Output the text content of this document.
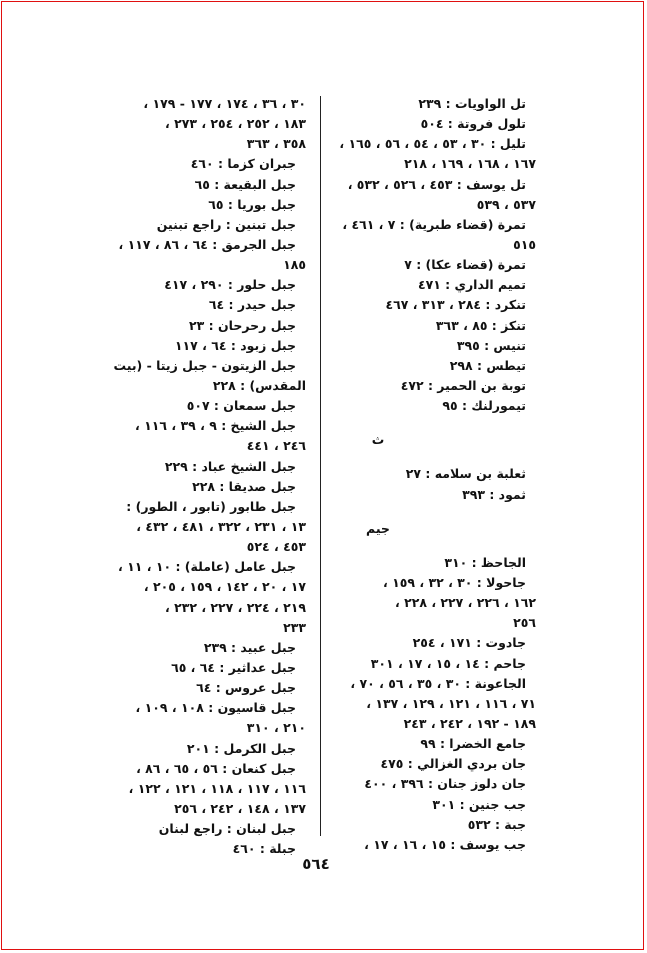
تل الواويات : ٢٣٩
تلول فروتة : ٥٠٤
تليل : ٣٠ ، ٥٣ ، ٥٤ ، ٥٦ ، ١٦٥ ،
١٦٧ ، ١٦٨ ، ١٦٩ ، ٢١٨
تل يوسف : ٤٥٣ ، ٥٢٦ ، ٥٣٢ ،
٥٣٧ ، ٥٣٩
تمرة (قضاء طبرية) : ٧ ، ٤٦١ ،
٥١٥
تمرة (قضاء عكا) : ٧
تميم الداري : ٤٧١
تنكرد : ٢٨٤ ، ٣١٣ ، ٤٦٧
تنكز : ٨٥ ، ٣٦٣
تنيس : ٣٩٥
تيطس : ٢٩٨
توبة بن الحمير : ٤٧٢
تيمورلنك : ٩٥
ث
ثعلبة بن سلامه : ٢٧
ثمود : ٣٩٣
جيم
الجاحظ : ٣١٠
جاحولا : ٣٠ ، ٣٢ ، ١٥٩ ،
١٦٢ ، ٢٢٦ ، ٢٢٧ ، ٢٢٨ ،
٢٥٦
جادوت : ١٧١ ، ٢٥٤
جاحم : ١٤ ، ١٥ ، ١٧ ، ٣٠١
الجاعونة : ٣٠ ، ٣٥ ، ٥٦ ، ٧٠ ،
٧١ ، ١١٦ ، ١٢١ ، ١٢٩ ، ١٣٧ ،
١٨٩ - ١٩٢ ، ٢٤٢ ، ٢٤٣
جامع الخضرا : ٩٩
جان بردي الغزالي : ٤٧٥
جان دلوز جنان : ٣٩٦ ، ٤٠٠
جب جنين : ٣٠١
جبة : ٥٣٢
جب يوسف : ١٥ ، ١٦ ، ١٧ ،
٣٠ ، ٣٦ ، ١٧٤ ، ١٧٧ - ١٧٩ ،
١٨٣ ، ٢٥٢ ، ٢٥٤ ، ٢٧٣ ،
٣٥٨ ، ٣٦٣
جبران كزما : ٤٦٠
جبل البقيعة : ٦٥
جبل بوريا : ٦٥
جبل تبنين : راجع تبنين
جبل الجرمق : ٦٤ ، ٨٦ ، ١١٧ ،
١٨٥
جبل حلور : ٢٩٠ ، ٤١٧
جبل حيدر : ٦٤
جبل رحرحان : ٢٣
جبل زبود : ٦٤ ، ١١٧
جبل الزيتون - جبل زيتا - (بيت
المقدس) : ٢٢٨
جبل سمعان : ٥٠٧
جبل الشيخ : ٩ ، ٣٩ ، ١١٦ ،
٢٤٦ ، ٤٤١
جبل الشيخ عباد : ٢٢٩
جبل صديقا : ٢٢٨
جبل طابور (تابور ، الطور) :
١٣ ، ٢٣١ ، ٣٢٢ ، ٤٨١ ، ٤٣٢ ،
٤٥٣ ، ٥٢٤
جبل عامل (عاملة) : ١٠ ، ١١ ،
١٧ ، ٢٠ ، ١٤٢ ، ١٥٩ ، ٢٠٥ ،
٢١٩ ، ٢٢٤ ، ٢٢٧ ، ٢٣٢ ،
٢٣٣
جبل عبيد : ٢٣٩
جبل عداثير : ٦٤ ، ٦٥
جبل عروس : ٦٤
جبل قاسيون : ١٠٨ ، ١٠٩ ،
٢١٠ ، ٣١٠
جبل الكرمل : ٢٠١
جبل كنعان : ٥٦ ، ٦٥ ، ٨٦ ،
١١٦ ، ١١٧ ، ١١٨ ، ١٢١ ، ١٢٢ ،
١٣٧ ، ١٤٨ ، ٢٤٢ ، ٢٥٦
جبل لبنان : راجع لبنان
جبلة : ٤٦٠
٥٦٤
